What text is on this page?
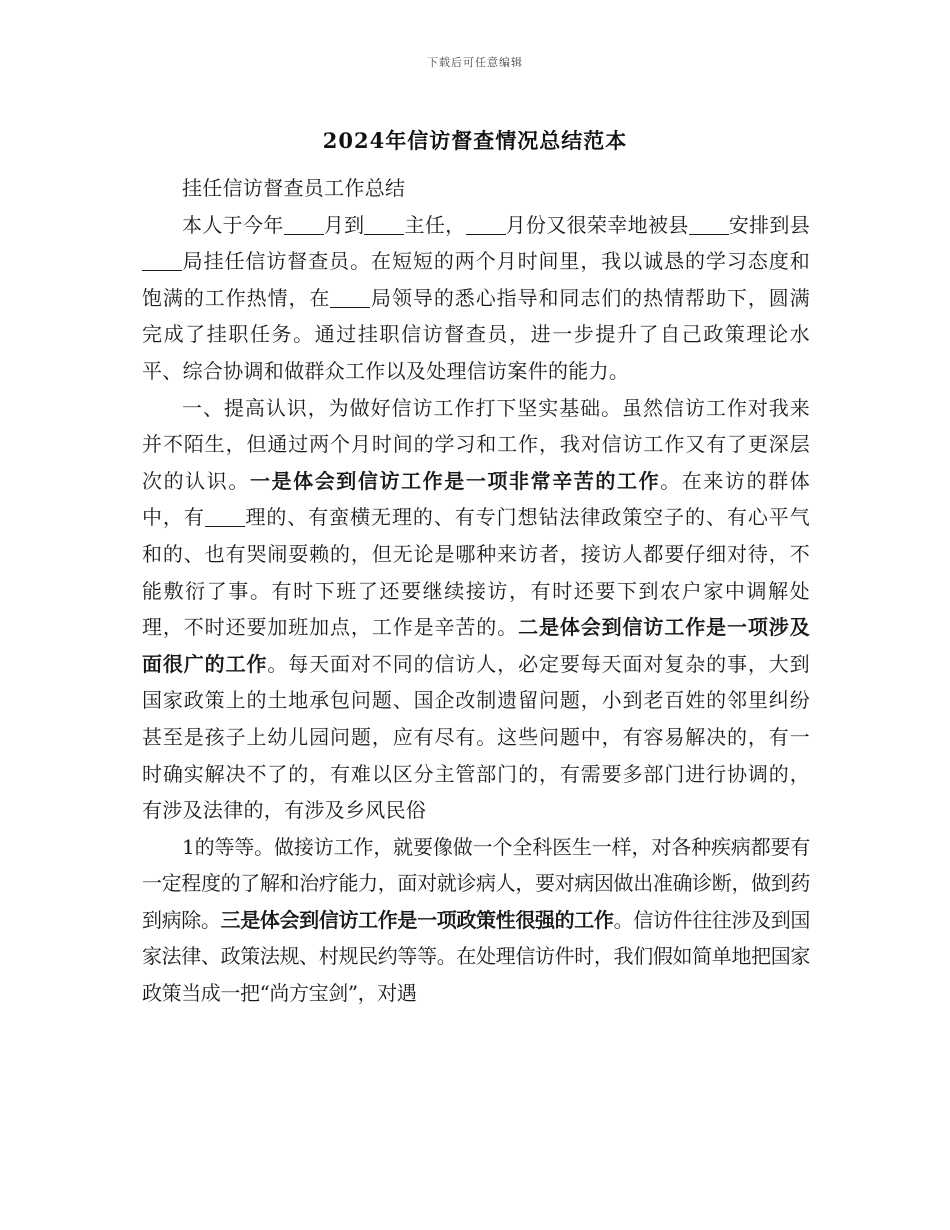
下载后可任意编辑
2024年信访督查情况总结范本

挂任信访督查员工作总结

本人于今年 月到 主任， 月份又很荣幸地被县 安排到县局挂任信访督查员。在短短的两个月时间里，我以诚恳的学习态度和饱满的工作热情，在 局领导的悉心指导和同志们的热情帮助下，圆满完成了挂职任务。通过挂职信访督查员，进一步提升了自己政策理论水平、综合协调和做群众工作以及处理信访案件的能力。

一、提高认识，为做好信访工作打下坚实基础。虽然信访工作对我来并不陌生，但通过两个月时间的学习和工作，我对信访工作又有了更深层次的认识。一是体会到信访工作是一项非常辛苦的工作。在来访的群体中，有 理的、有蛮横无理的、有专门想钻法律政策空子的、有心平气和的、也有哭闹耍赖的，但无论是哪种来访者，接访人都要仔细对待，不能敷衍了事。有时下班了还要继续接访，有时还要下到农户家中调解处理，不时还要加班加点，工作是辛苦的。二是体会到信访工作是一项涉及面很广的工作。每天面对不同的信访人，必定要每天面对复杂的事，大到国家政策上的土地承包问题、国企改制遗留问题，小到老百姓的邻里纠纷甚至是孩子上幼儿园问题，应有尽有。这些问题中，有容易解决的，有一时确实解决不了的，有难以区分主管部门的，有需要多部门进行协调的，有涉及法律的，有涉及乡风民俗

1的等等。做接访工作，就要像做一个全科医生一样，对各种疾病都要有一定程度的了解和治疗能力，面对就诊病人，要对病因做出准确诊断，做到药到病除。三是体会到信访工作是一项政策性很强的工作。信访件往往涉及到国家法律、政策法规、村规民约等等。在处理信访件时，我们假如简单地把国家政策当成一把“尚方宝剑”，对遇
